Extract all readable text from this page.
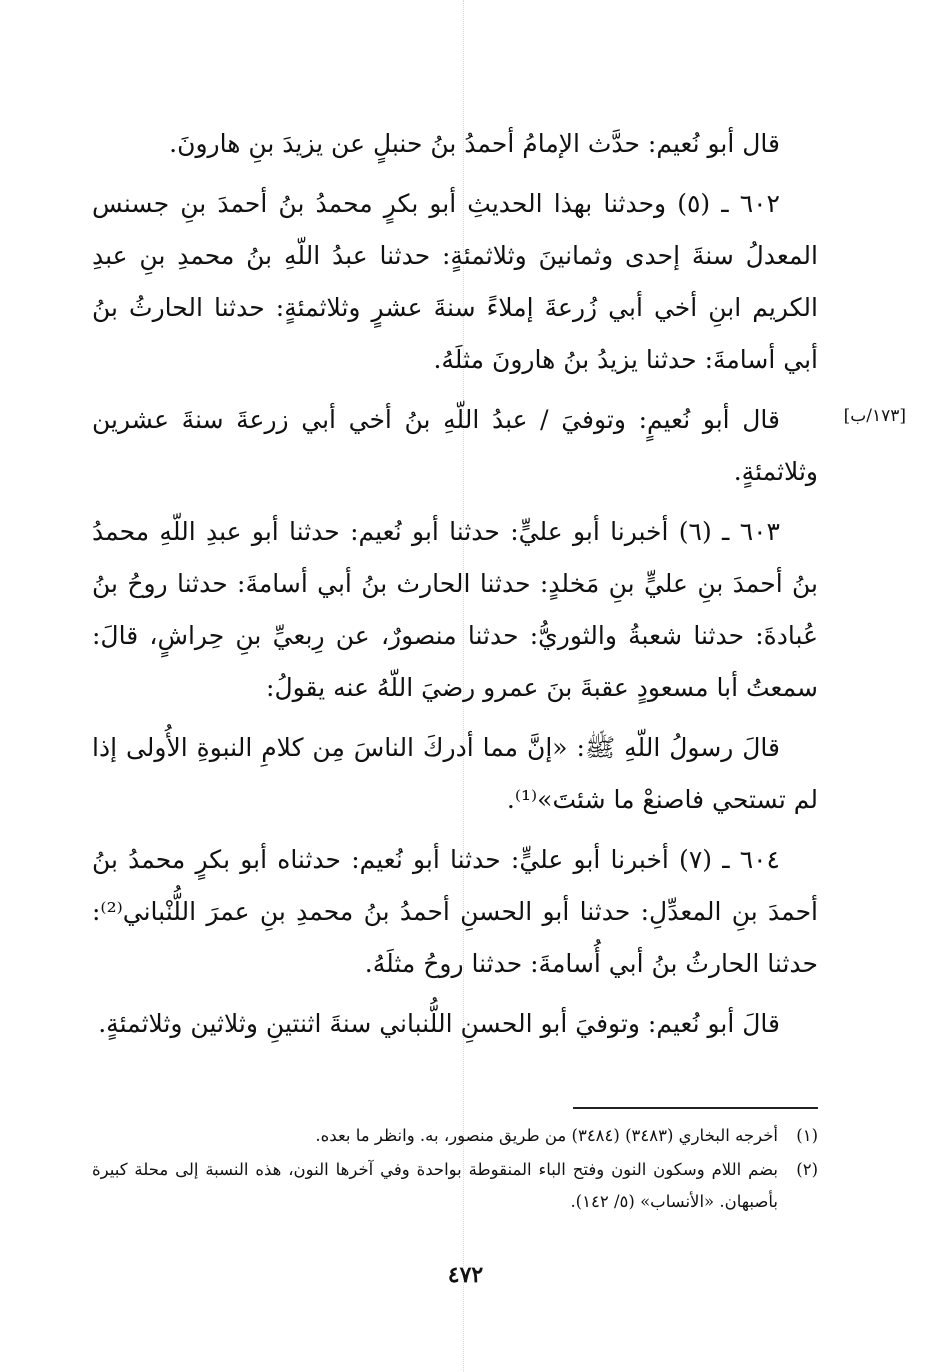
قال أبو نُعيم: حدَّث الإمامُ أحمدُ بنُ حنبلٍ عن يزيدَ بنِ هارونَ.

٦٠٢ ـ (٥) وحدثنا بهذا الحديثِ أبو بكرٍ محمدُ بنُ أحمدَ بنِ جسنس المعدلُ سنةَ إحدى وثمانينَ وثلاثمئةٍ: حدثنا عبدُ اللّهِ بنُ محمدِ بنِ عبدِ الكريم ابنِ أخي أبي زُرعةَ إملاءً سنةَ عشرٍ وثلاثمئةٍ: حدثنا الحارثُ بنُ أبي أسامةَ: حدثنا يزيدُ بنُ هارونَ مثلَهُ.

قال أبو نُعيمٍ: وتوفيَ / عبدُ اللّهِ بنُ أخي أبي زرعةَ سنةَ عشرين وثلاثمئةٍ.

٦٠٣ ـ (٦) أخبرنا أبو عليٍّ: حدثنا أبو نُعيم: حدثنا أبو عبدِ اللّهِ محمدُ بنُ أحمدَ بنِ عليٍّ بنِ مَخلدٍ: حدثنا الحارث بنُ أبي أسامةَ: حدثنا روحُ بنُ عُبادةَ: حدثنا شعبةُ والثوريُّ: حدثنا منصورٌ، عن رِبعيِّ بنِ حِراشٍ، قالَ: سمعتُ أبا مسعودٍ عقبةَ بنَ عمرو رضيَ اللّهُ عنه يقولُ:

قالَ رسولُ اللّهِ ﷺ: «إنَّ مما أدركَ الناسَ مِن كلامِ النبوةِ الأُولى إذا لم تستحي فاصنعْ ما شئتَ»⁽¹⁾.

٦٠٤ ـ (٧) أخبرنا أبو عليٍّ: حدثنا أبو نُعيم: حدثناه أبو بكرٍ محمدُ بنُ أحمدَ بنِ المعدِّلِ: حدثنا أبو الحسنِ أحمدُ بنُ محمدِ بنِ عمرَ اللُّنْباني⁽²⁾: حدثنا الحارثُ بنُ أبي أُسامةَ: حدثنا روحُ مثلَهُ.

قالَ أبو نُعيم: وتوفيَ أبو الحسنِ اللُّنباني سنةَ اثنتينِ وثلاثين وثلاثمئةٍ.

[١٧٣/ب]
(١)
أخرجه البخاري (٣٤٨٣) (٣٤٨٤) من طريق منصور، به. وانظر ما بعده.
(٢)
بضم اللام وسكون النون وفتح الباء المنقوطة بواحدة وفي آخرها النون، هذه النسبة إلى محلة كبيرة بأصبهان. «الأنساب» (٥/ ١٤٢).
٤٧٢
